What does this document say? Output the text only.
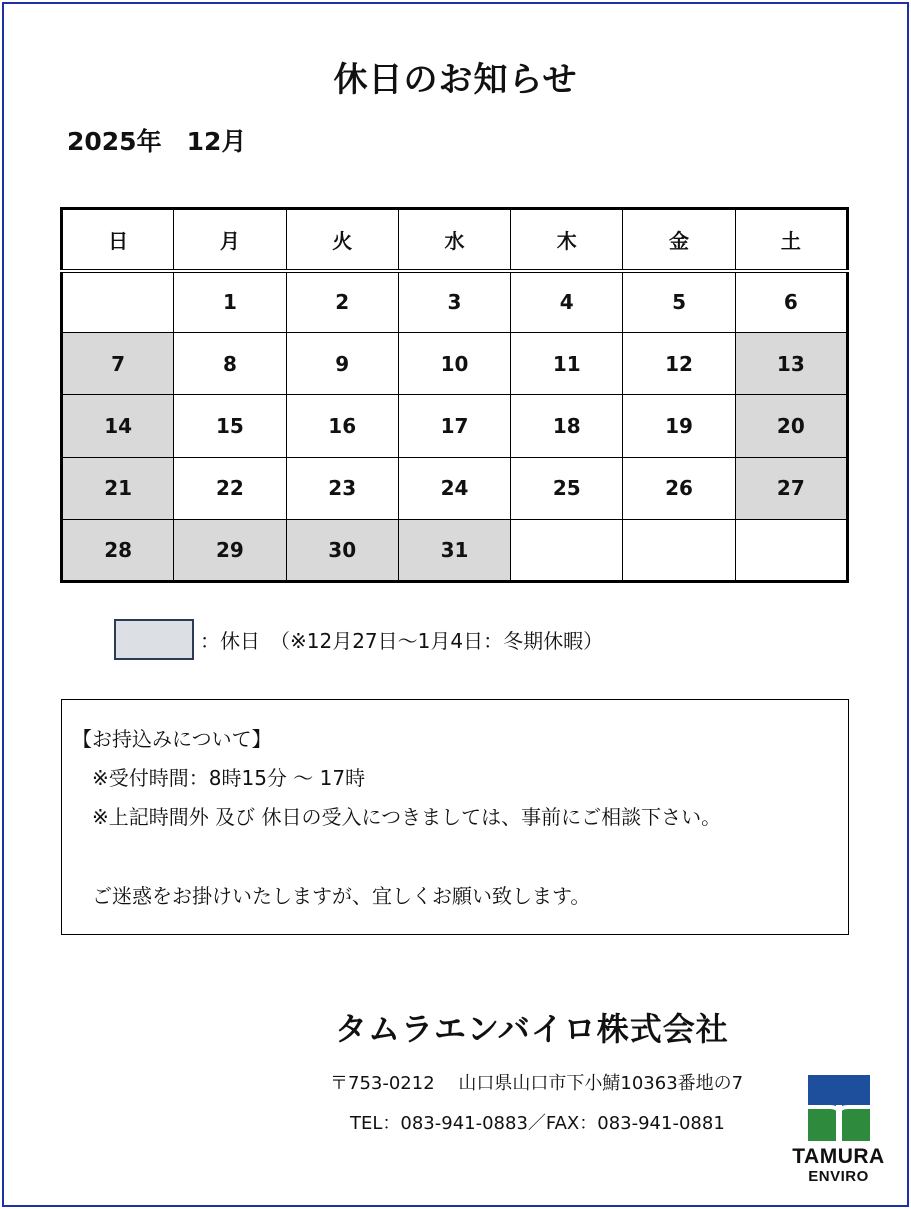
休日のお知らせ
2025年　12月
日	月	火	水	木	金	土
	1	2	3	4	5	6
7	8	9	10	11	12	13
14	15	16	17	18	19	20
21	22	23	24	25	26	27
28	29	30	31			
：休日　（※12月27日～1月4日：冬期休暇）
【お持込みについて】
※受付時間：8時15分 ～ 17時
※上記時間外 及び 休日の受入につきましては、事前にご相談下さい。
ご迷惑をお掛けいたしますが、宜しくお願い致します。
タムラエンバイロ株式会社
〒753-0212　 山口県山口市下小鯖10363番地の7
TEL：083-941-0883／FAX：083-941-0881
TAMURA
ENVIRO
